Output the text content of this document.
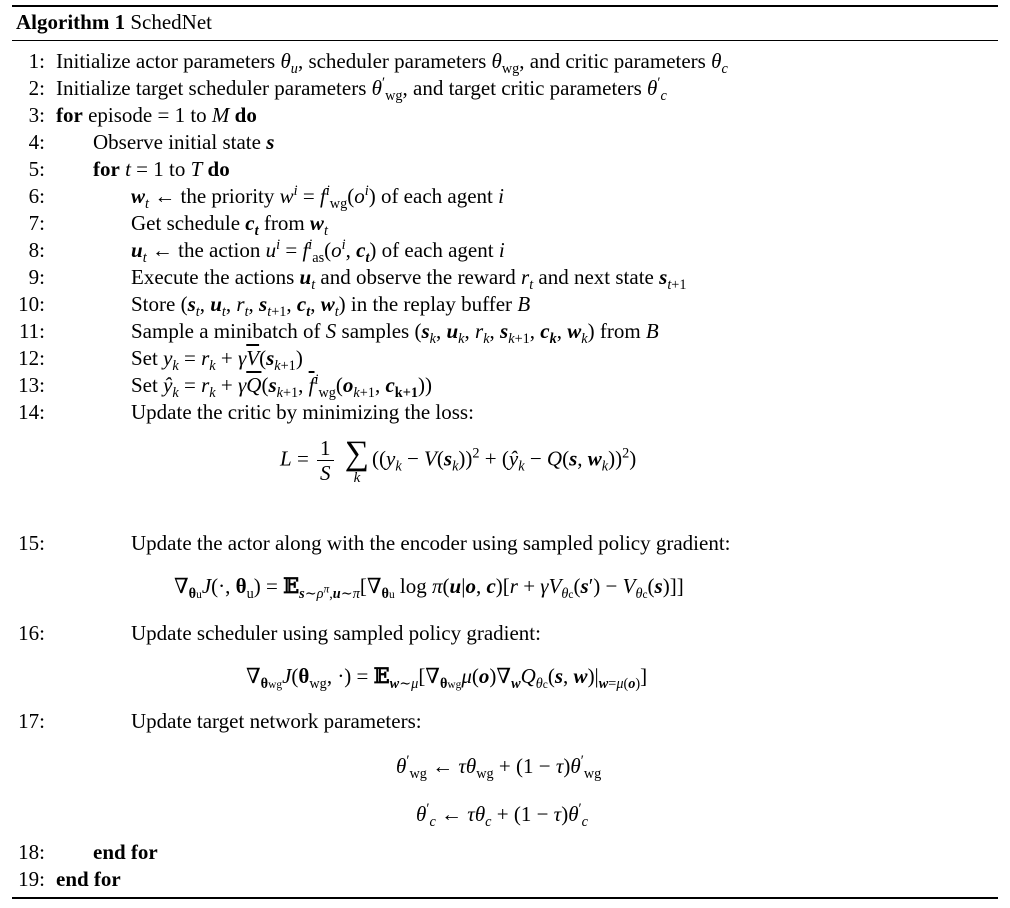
Algorithm 1 SchedNet
1: Initialize actor parameters $\theta_u$, scheduler parameters $\theta_{wg}$, and critic parameters $\theta_c$
2: Initialize target scheduler parameters $\theta'_{wg}$, and target critic parameters $\theta'_c$
3: for episode = 1 to M do
4: Observe initial state s
5: for t = 1 to T do
6:	$w_t$ ← the priority $w^i = f^i_{wg}(o^i)$ of each agent i
7:	Get schedule $c_t$ from $w_t$
8:	$u_t$ ← the action $u^i = f^i_{as}(o^i$, $c_t$) of each agent i
9:	Execute the actions $u_t$ and observe the reward $r_t$ and next state $s_{t+1}$
10:	Store ($s_t$, $u_t$, $r_t$, $s_{t+1}$, $c_t$, $w_t$) in the replay buffer B
11:	Sample a minibatch of S samples ($s_k$, $u_k$, $r_k$, $s_{k+1}$, $c_k$, $w_k$) from B
12:	Set $y_k = r_k + \gamma\overline{V}(s_{k+1})$
13:	Set $ŷ_k = r_k + \gamma\overline{Q}(s_{k+1}$, $\overline{f}^i_{wg}(o_{k+1}$, $c_{k+1}$))
14:	Update the critic by minimizing the loss:
$L = \frac{1}{S}$
∑
k
($(y_k - V(s_k))^2$ + ($ŷ_k - Q(s$, $w_k))^2$)
15:	Update the actor along with the encoder using sampled policy gradient:
$\nabla_{\theta u}J(\cdot$, $\theta_u$) = $𝔼_{s\sim\rho^\pi,u\sim\pi}[\nabla_{\theta u}$ log π(u|o, $c)[r + \gamma V_{\theta c}(s') - V_{\theta c}(s)]$]
16:	Update scheduler using sampled policy gradient:
$\nabla_{\theta wg}J(\theta_{wg}$, ·) = $𝔼_{w\sim\mu}[\nabla_{\theta wg}\mu(o)\nabla_wQ_{\theta c}(s$, $w)|_{w=\mu(o)}$]
17:	Update target network parameters:
$\theta'_{wg}$ ← $\tau\theta_{wg} + (1 - \tau)\theta'_{wg}$
$\theta'_c$ ← $\tau\theta_c + (1 - \tau)\theta'_c$
18: end for
19: end for
